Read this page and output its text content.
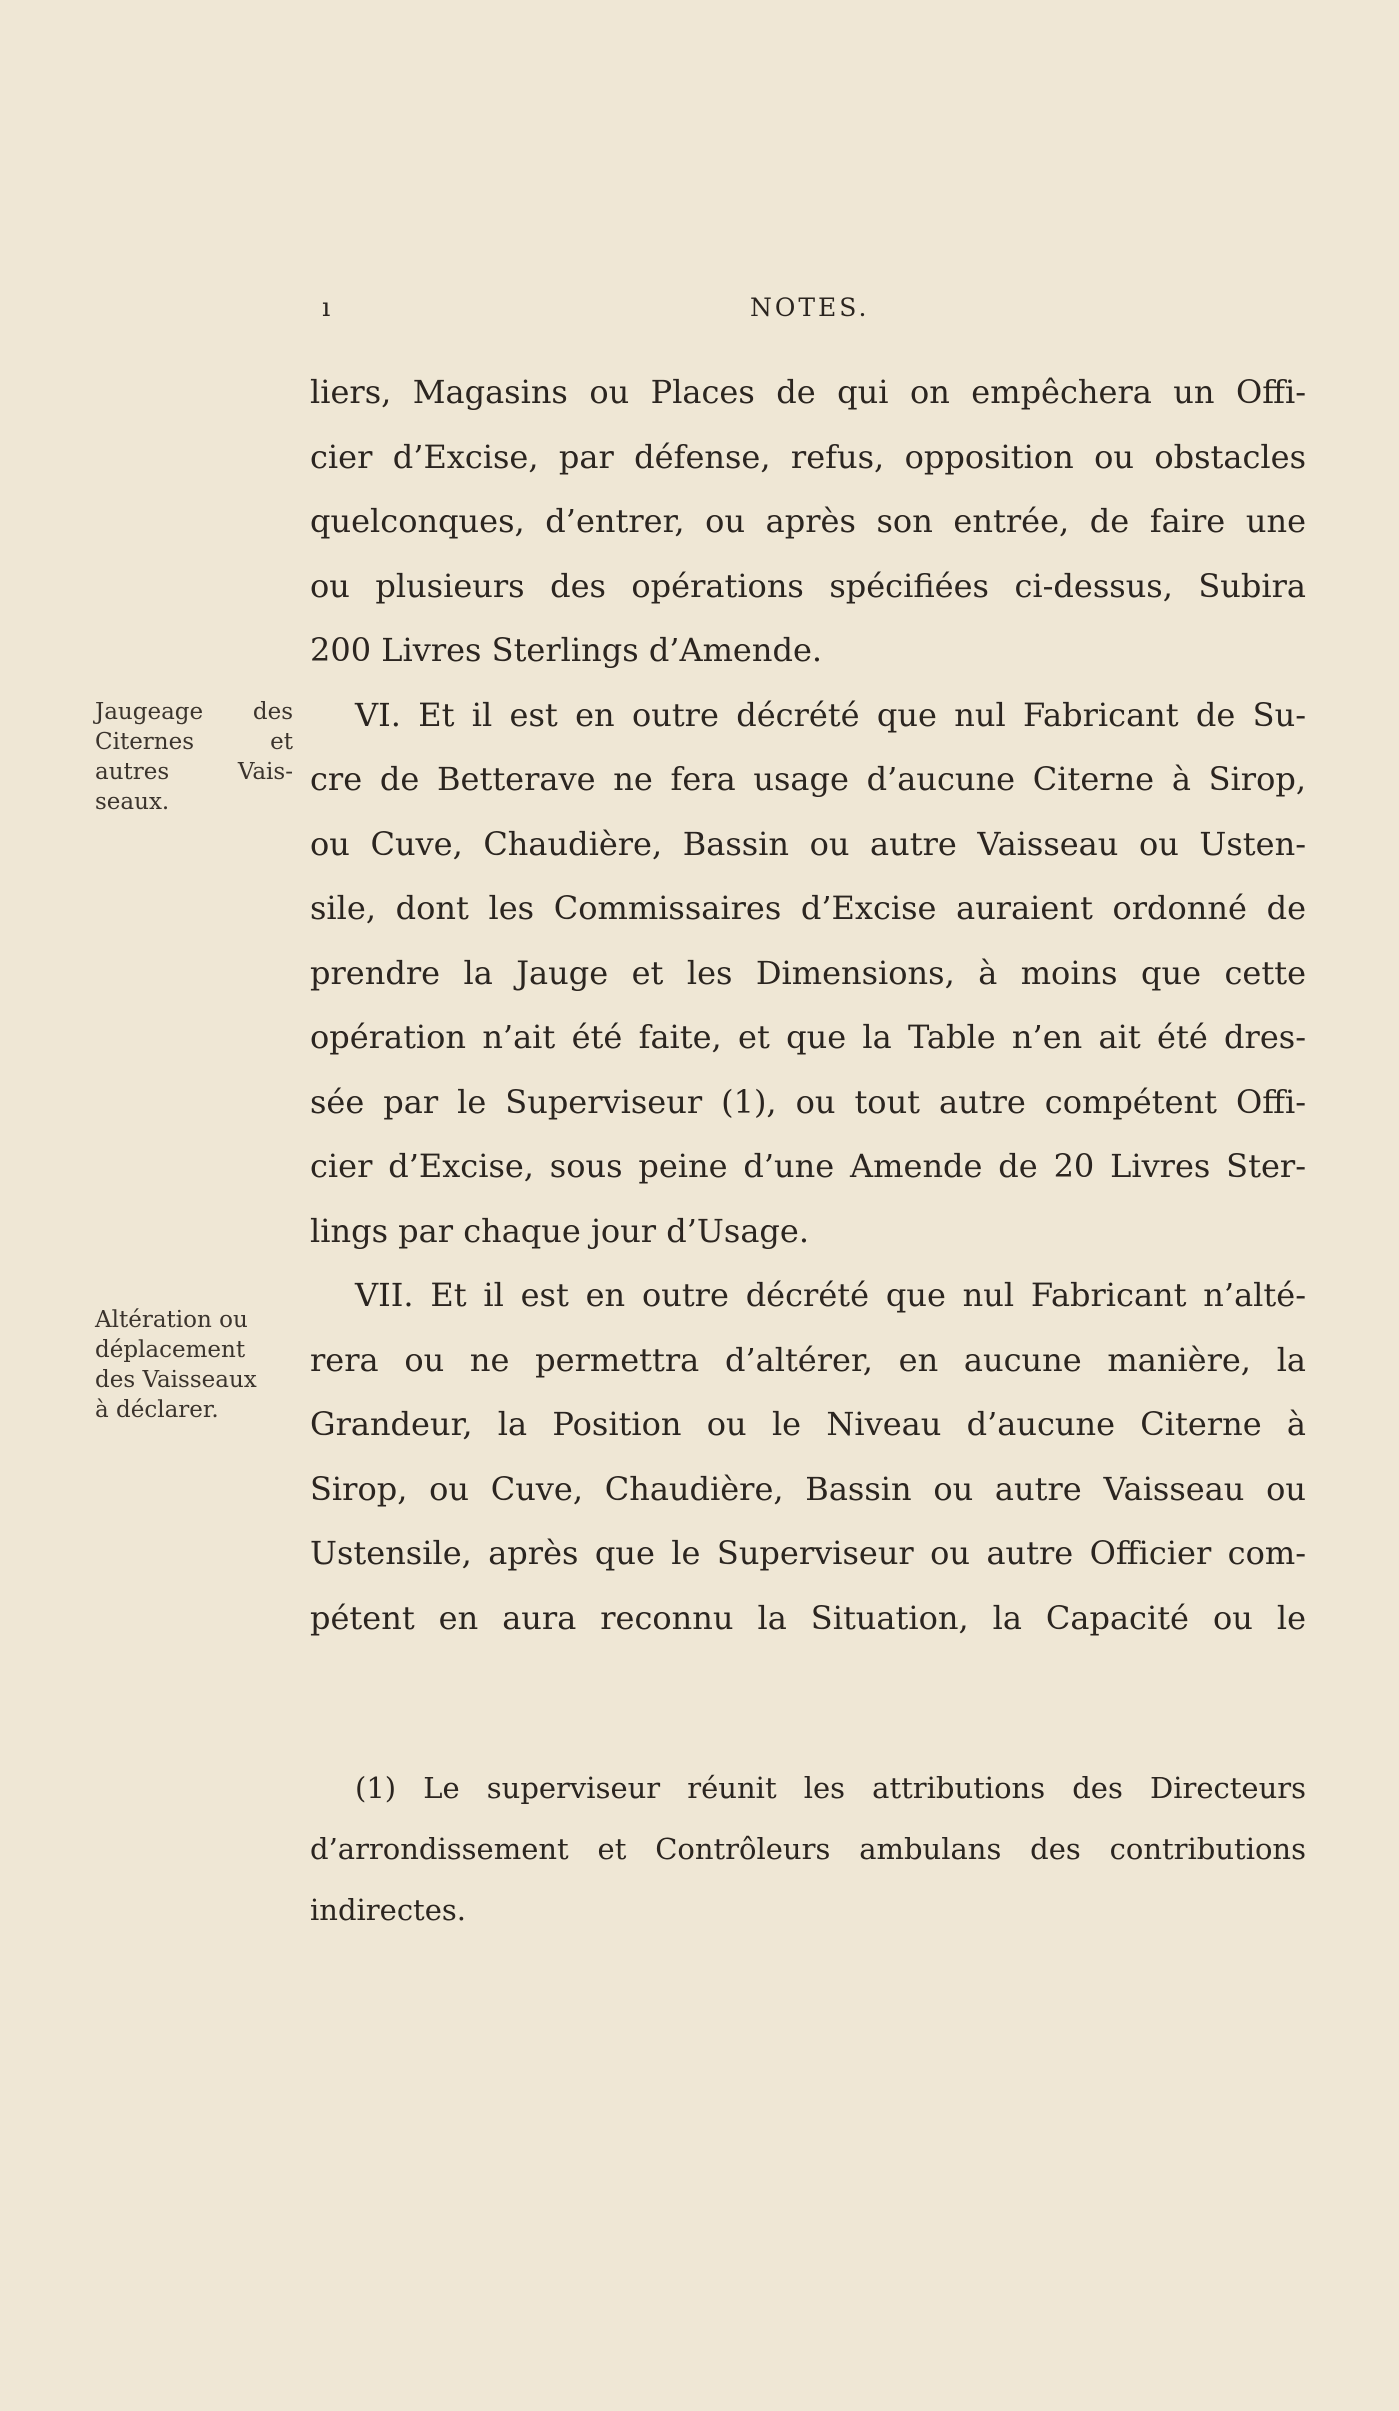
ı	NOTES.
liers, Magasins ou Places de qui on empêchera un Offi-
cier d’Excise, par défense, refus, opposition ou obstacles
quelconques, d’entrer, ou après son entrée, de faire une
ou plusieurs des opérations spécifiées ci-dessus, Subira
200 Livres Sterlings d’Amende.
VI. Et il est en outre décrété que nul Fabricant de Su-
cre de Betterave ne fera usage d’aucune Citerne à Sirop,
ou Cuve, Chaudière, Bassin ou autre Vaisseau ou Usten-
sile, dont les Commissaires d’Excise auraient ordonné de
prendre la Jauge et les Dimensions, à moins que cette
opération n’ait été faite, et que la Table n’en ait été dres-
sée par le Superviseur (1), ou tout autre compétent Offi-
cier d’Excise, sous peine d’une Amende de 20 Livres Ster-
lings par chaque jour d’Usage.
VII. Et il est en outre décrété que nul Fabricant n’alté-
rera ou ne permettra d’altérer, en aucune manière, la
Grandeur, la Position ou le Niveau d’aucune Citerne à
Sirop, ou Cuve, Chaudière, Bassin ou autre Vaisseau ou
Ustensile, après que le Superviseur ou autre Officier com-
pétent en aura reconnu la Situation, la Capacité ou le
Jaugeage des
Citernes et
autres Vais-
seaux.
Altération ou
déplacement
des Vaisseaux
à déclarer.
(1) Le superviseur réunit les attributions des Directeurs
d’arrondissement et Contrôleurs ambulans des contributions
indirectes.
